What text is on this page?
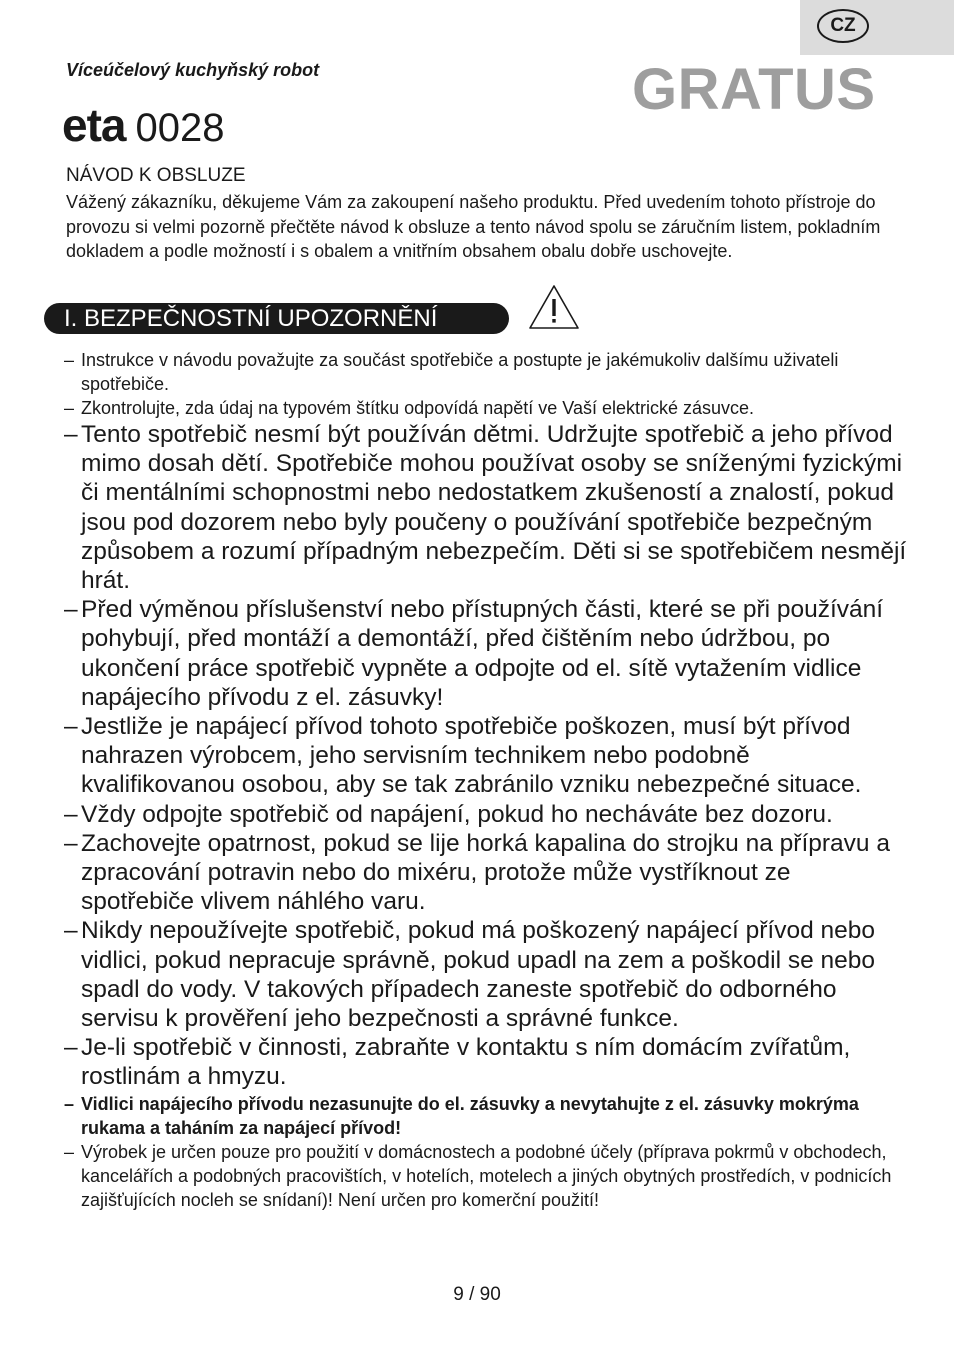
CZ
Víceúčelový kuchyňský robot	GRATUS
eta 0028
NÁVOD K OBSLUZE

Vážený zákazníku, děkujeme Vám za zakoupení našeho produktu. Před uvedením tohoto přístroje do provozu si velmi pozorně přečtěte návod k obsluze a tento návod spolu se záručním listem, pokladním dokladem a podle možností i s obalem a vnitřním obsahem obalu dobře uschovejte.

I. BEZPEČNOSTNÍ UPOZORNĚNÍ
– Instrukce v návodu považujte za součást spotřebiče a postupte je jakémukoliv dalšímu uživateli spotřebiče.
– Zkontrolujte, zda údaj na typovém štítku odpovídá napětí ve Vaší elektrické zásuvce.
– Tento spotřebič nesmí být používán dětmi. Udržujte spotřebič a jeho přívod mimo dosah dětí. Spotřebiče mohou používat osoby se sníženými fyzickými či mentálními schopnostmi nebo nedostatkem zkušeností a znalostí, pokud jsou pod dozorem nebo byly poučeny o používání spotřebiče bezpečným způsobem a rozumí případným nebezpečím. Děti si se spotřebičem nesmějí hrát.
– Před výměnou příslušenství nebo přístupných části, které se při používání pohybují, před montáží a demontáží, před čištěním nebo údržbou, po ukončení práce spotřebič vypněte a odpojte od el. sítě vytažením vidlice napájecího přívodu z el. zásuvky!
– Jestliže je napájecí přívod tohoto spotřebiče poškozen, musí být přívod nahrazen výrobcem, jeho servisním technikem nebo podobně kvalifikovanou osobou, aby se tak zabránilo vzniku nebezpečné situace.
– Vždy odpojte spotřebič od napájení, pokud ho necháváte bez dozoru.
– Zachovejte opatrnost, pokud se lije horká kapalina do strojku na přípravu a zpracování potravin nebo do mixéru, protože může vystříknout ze spotřebiče vlivem náhlého varu.
– Nikdy nepoužívejte spotřebič, pokud má poškozený napájecí přívod nebo vidlici, pokud nepracuje správně, pokud upadl na zem a poškodil se nebo spadl do vody. V takových případech zaneste spotřebič do odborného servisu k prověření jeho bezpečnosti a správné funkce.
– Je-li spotřebič v činnosti, zabraňte v kontaktu s ním domácím zvířatům, rostlinám a hmyzu.
– Vidlici napájecího přívodu nezasunujte do el. zásuvky a nevytahujte z el. zásuvky mokrýma rukama a taháním za napájecí přívod!
– Výrobek je určen pouze pro použití v domácnostech a podobné účely (příprava pokrmů v obchodech, kancelářích a podobných pracovištích, v hotelích, motelech a jiných obytných prostředích, v podnicích zajišťujících nocleh se snídaní)! Není určen pro komerční použití!
9 / 90
